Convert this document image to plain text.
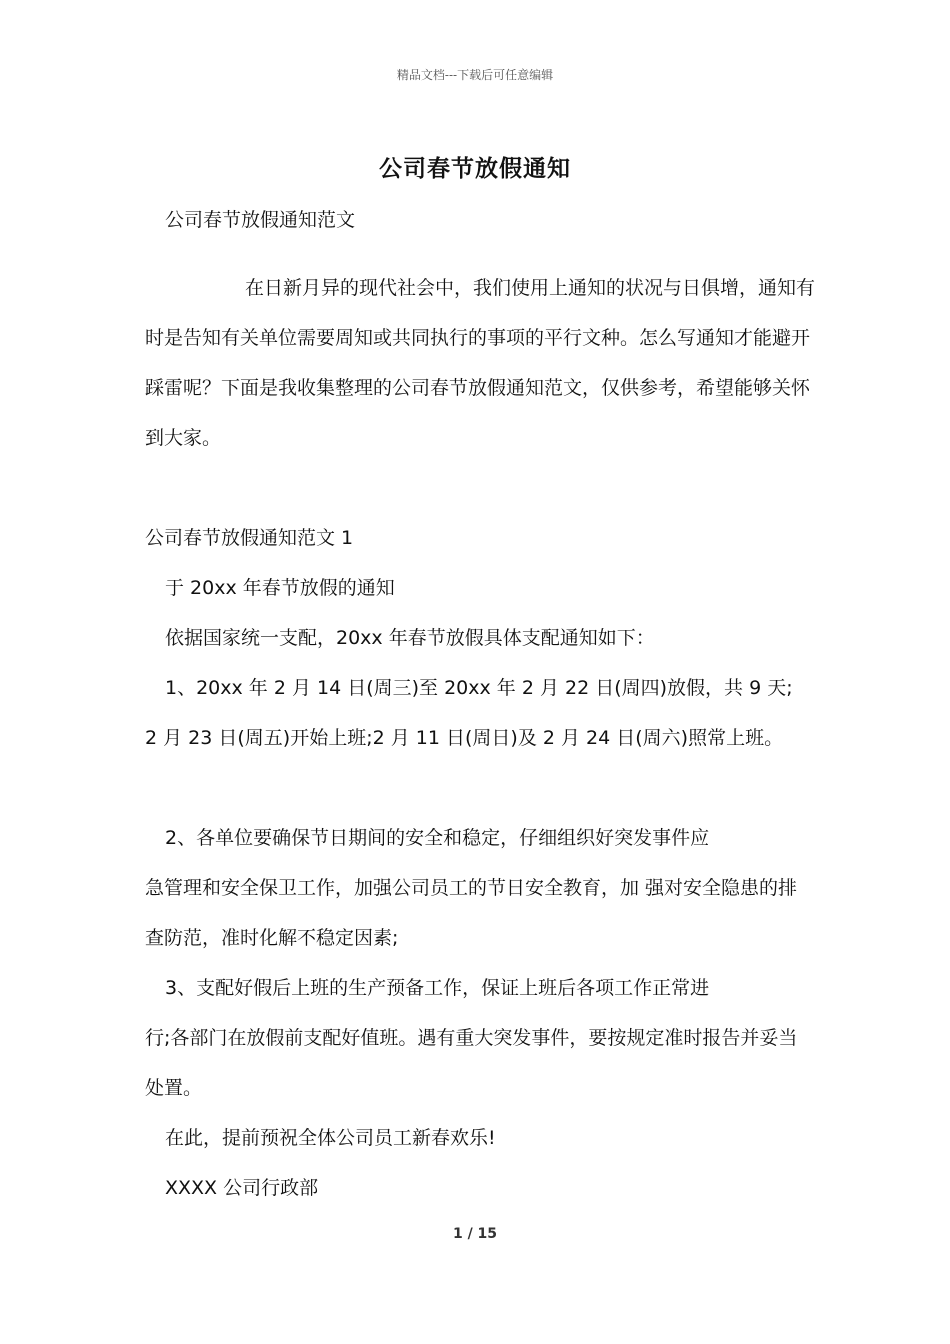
精品文档---下载后可任意编辑
公司春节放假通知

公司春节放假通知范文

在日新月异的现代社会中，我们使用上通知的状况与日俱增，通知有时是告知有关单位需要周知或共同执行的事项的平行文种。怎么写通知才能避开踩雷呢？下面是我收集整理的公司春节放假通知范文，仅供参考，希望能够关怀到大家。

公司春节放假通知范文 1

于 20xx 年春节放假的通知

依据国家统一支配，20xx 年春节放假具体支配通知如下：

1、20xx 年 2 月 14 日(周三)至 20xx 年 2 月 22 日(周四)放假，共 9 天;

2 月 23 日(周五)开始上班;2 月 11 日(周日)及 2 月 24 日(周六)照常上班。

2、各单位要确保节日期间的安全和稳定，仔细组织好突发事件应

急管理和安全保卫工作，加强公司员工的节日安全教育，加 强对安全隐患的排查防范，准时化解不稳定因素;

3、支配好假后上班的生产预备工作，保证上班后各项工作正常进

行;各部门在放假前支配好值班。遇有重大突发事件，要按规定准时报告并妥当处置。

在此，提前预祝全体公司员工新春欢乐!

XXXX 公司行政部

1 / 15
